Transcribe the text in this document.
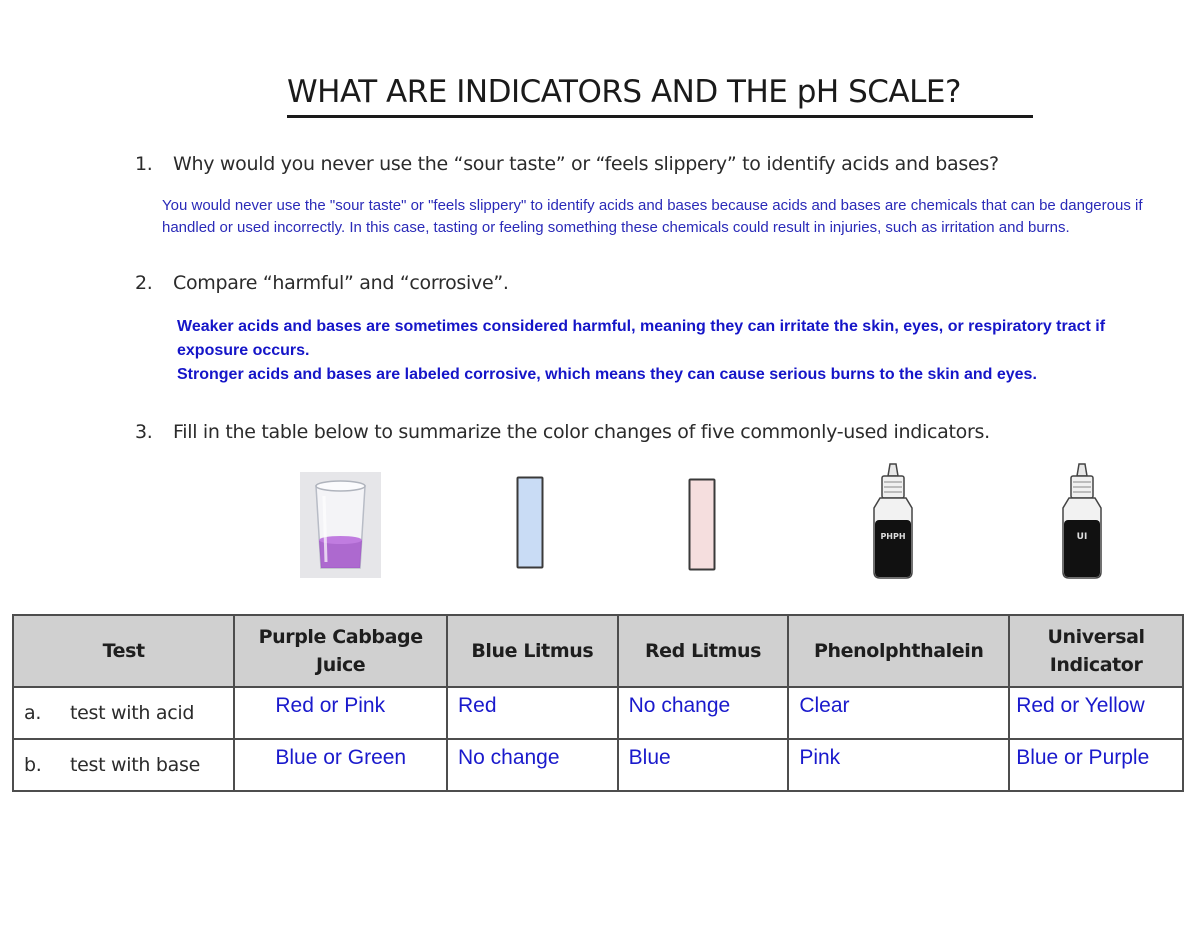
WHAT ARE INDICATORS AND THE pH SCALE?
1. Why would you never use the “sour taste” or “feels slippery” to identify acids and bases?
You would never use the "sour taste" or "feels slippery" to identify acids and bases because acids and bases are chemicals that can be dangerous if handled or used incorrectly. In this case, tasting or feeling something these chemicals could result in injuries, such as irritation and burns.
2. Compare “harmful” and “corrosive”.
Weaker acids and bases are sometimes considered harmful, meaning they can irritate the skin, eyes, or respiratory tract if exposure occurs.
Stronger acids and bases are labeled corrosive, which means they can cause serious burns to the skin and eyes.
3. Fill in the table below to summarize the color changes of five commonly-used indicators.
PHPH	UI
Test	Purple Cabbage Juice	Blue Litmus	Red Litmus	Phenolphthalein	Universal Indicator
a. test with acid	Red or Pink	Red	No change	Clear	Red or Yellow
b. test with base	Blue or Green	No change	Blue	Pink	Blue or Purple
